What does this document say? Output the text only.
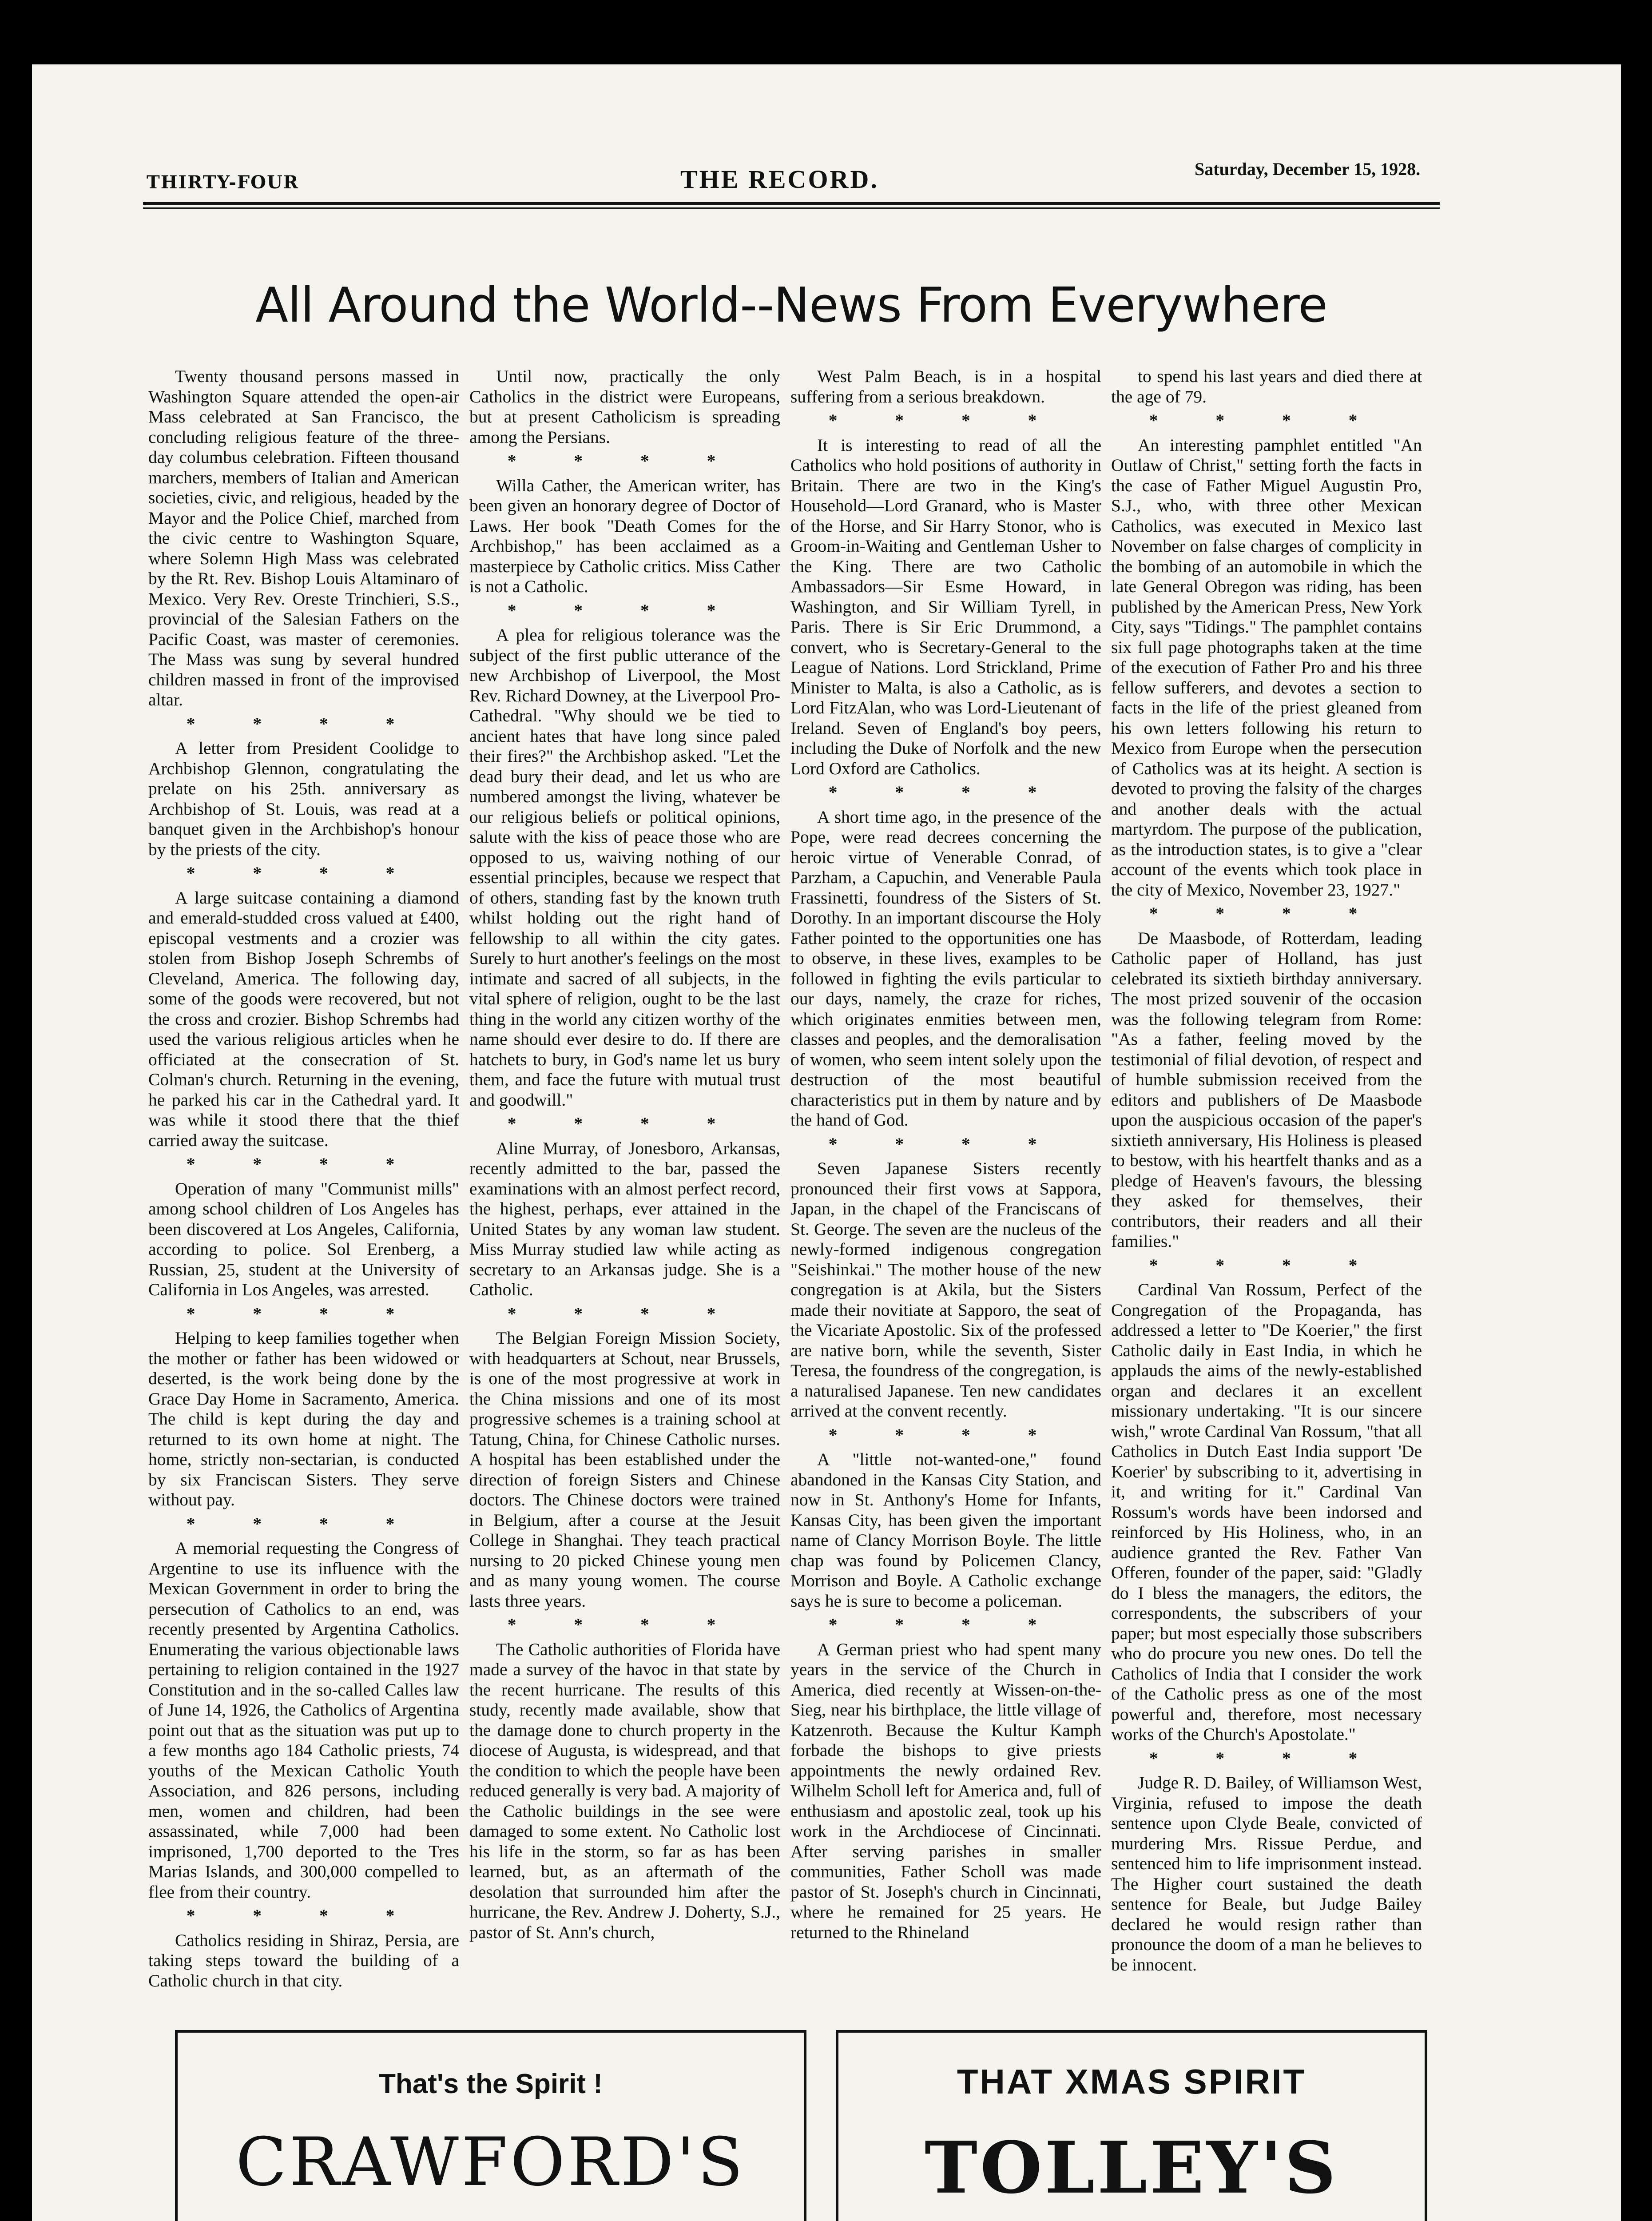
THIRTY-FOUR	THE RECORD.	Saturday, December 15, 1928.
All Around the World--News From Everywhere

Twenty thousand persons massed in Washington Square attended the open-air Mass celebrated at San Francisco, the concluding religious feature of the three-day columbus celebration. Fifteen thousand marchers, members of Italian and American societies, civic, and religious, headed by the Mayor and the Police Chief, marched from the civic centre to Washington Square, where Solemn High Mass was celebrated by the Rt. Rev. Bishop Louis Altaminaro of Mexico. Very Rev. Oreste Trinchieri, S.S., provincial of the Salesian Fathers on the Pacific Coast, was master of ceremonies. The Mass was sung by several hundred children massed in front of the improvised altar.

* * * *

A letter from President Coolidge to Archbishop Glennon, congratulating the prelate on his 25th. anniversary as Archbishop of St. Louis, was read at a banquet given in the Archbishop's honour by the priests of the city.

* * * *

A large suitcase containing a diamond and emerald-studded cross valued at £400, episcopal vestments and a crozier was stolen from Bishop Joseph Schrembs of Cleveland, America. The following day, some of the goods were recovered, but not the cross and crozier. Bishop Schrembs had used the various religious articles when he officiated at the consecration of St. Colman's church. Returning in the evening, he parked his car in the Cathedral yard. It was while it stood there that the thief carried away the suitcase.

* * * *

Operation of many "Communist mills" among school children of Los Angeles has been discovered at Los Angeles, California, according to police. Sol Erenberg, a Russian, 25, student at the University of California in Los Angeles, was arrested.

* * * *

Helping to keep families together when the mother or father has been widowed or deserted, is the work being done by the Grace Day Home in Sacramento, America. The child is kept during the day and returned to its own home at night. The home, strictly non-sectarian, is conducted by six Franciscan Sisters. They serve without pay.

* * * *

A memorial requesting the Congress of Argentine to use its influence with the Mexican Government in order to bring the persecution of Catholics to an end, was recently presented by Argentina Catholics. Enumerating the various objectionable laws pertaining to religion contained in the 1927 Constitution and in the so-called Calles law of June 14, 1926, the Catholics of Argentina point out that as the situation was put up to a few months ago 184 Catholic priests, 74 youths of the Mexican Catholic Youth Association, and 826 persons, including men, women and children, had been assassinated, while 7,000 had been imprisoned, 1,700 deported to the Tres Marias Islands, and 300,000 compelled to flee from their country.

* * * *

Catholics residing in Shiraz, Persia, are taking steps toward the building of a Catholic church in that city.

Until now, practically the only Catholics in the district were Europeans, but at present Catholicism is spreading among the Persians.

* * * *

Willa Cather, the American writer, has been given an honorary degree of Doctor of Laws. Her book "Death Comes for the Archbishop," has been acclaimed as a masterpiece by Catholic critics. Miss Cather is not a Catholic.

* * * *

A plea for religious tolerance was the subject of the first public utterance of the new Archbishop of Liverpool, the Most Rev. Richard Downey, at the Liverpool Pro-Cathedral. "Why should we be tied to ancient hates that have long since paled their fires?" the Archbishop asked. "Let the dead bury their dead, and let us who are numbered amongst the living, whatever be our religious beliefs or political opinions, salute with the kiss of peace those who are opposed to us, waiving nothing of our essential principles, because we respect that of others, standing fast by the known truth whilst holding out the right hand of fellowship to all within the city gates. Surely to hurt another's feelings on the most intimate and sacred of all subjects, in the vital sphere of religion, ought to be the last thing in the world any citizen worthy of the name should ever desire to do. If there are hatchets to bury, in God's name let us bury them, and face the future with mutual trust and goodwill."

* * * *

Aline Murray, of Jonesboro, Arkansas, recently admitted to the bar, passed the examinations with an almost perfect record, the highest, perhaps, ever attained in the United States by any woman law student. Miss Murray studied law while acting as secretary to an Arkansas judge. She is a Catholic.

* * * *

The Belgian Foreign Mission Society, with headquarters at Schout, near Brussels, is one of the most progressive at work in the China missions and one of its most progressive schemes is a training school at Tatung, China, for Chinese Catholic nurses. A hospital has been established under the direction of foreign Sisters and Chinese doctors. The Chinese doctors were trained in Belgium, after a course at the Jesuit College in Shanghai. They teach practical nursing to 20 picked Chinese young men and as many young women. The course lasts three years.

* * * *

The Catholic authorities of Florida have made a survey of the havoc in that state by the recent hurricane. The results of this study, recently made available, show that the damage done to church property in the diocese of Augusta, is widespread, and that the condition to which the people have been reduced generally is very bad. A majority of the Catholic buildings in the see were damaged to some extent. No Catholic lost his life in the storm, so far as has been learned, but, as an aftermath of the desolation that surrounded him after the hurricane, the Rev. Andrew J. Doherty, S.J., pastor of St. Ann's church,

West Palm Beach, is in a hospital suffering from a serious breakdown.

* * * *

It is interesting to read of all the Catholics who hold positions of authority in Britain. There are two in the King's Household—Lord Granard, who is Master of the Horse, and Sir Harry Stonor, who is Groom-in-Waiting and Gentleman Usher to the King. There are two Catholic Ambassadors—Sir Esme Howard, in Washington, and Sir William Tyrell, in Paris. There is Sir Eric Drummond, a convert, who is Secretary-General to the League of Nations. Lord Strickland, Prime Minister to Malta, is also a Catholic, as is Lord FitzAlan, who was Lord-Lieutenant of Ireland. Seven of England's boy peers, including the Duke of Norfolk and the new Lord Oxford are Catholics.

* * * *

A short time ago, in the presence of the Pope, were read decrees concerning the heroic virtue of Venerable Conrad, of Parzham, a Capuchin, and Venerable Paula Frassinetti, foundress of the Sisters of St. Dorothy. In an important discourse the Holy Father pointed to the opportunities one has to observe, in these lives, examples to be followed in fighting the evils particular to our days, namely, the craze for riches, which originates enmities between men, classes and peoples, and the demoralisation of women, who seem intent solely upon the destruction of the most beautiful characteristics put in them by nature and by the hand of God.

* * * *

Seven Japanese Sisters recently pronounced their first vows at Sappora, Japan, in the chapel of the Franciscans of St. George. The seven are the nucleus of the newly-formed indigenous congregation "Seishinkai." The mother house of the new congregation is at Akila, but the Sisters made their novitiate at Sapporo, the seat of the Vicariate Apostolic. Six of the professed are native born, while the seventh, Sister Teresa, the foundress of the congregation, is a naturalised Japanese. Ten new candidates arrived at the convent recently.

* * * *

A "little not-wanted-one," found abandoned in the Kansas City Station, and now in St. Anthony's Home for Infants, Kansas City, has been given the important name of Clancy Morrison Boyle. The little chap was found by Policemen Clancy, Morrison and Boyle. A Catholic exchange says he is sure to become a policeman.

* * * *

A German priest who had spent many years in the service of the Church in America, died recently at Wissen-on-the-Sieg, near his birthplace, the little village of Katzenroth. Because the Kultur Kamph forbade the bishops to give priests appointments the newly ordained Rev. Wilhelm Scholl left for America and, full of enthusiasm and apostolic zeal, took up his work in the Archdiocese of Cincinnati. After serving parishes in smaller communities, Father Scholl was made pastor of St. Joseph's church in Cincinnati, where he remained for 25 years. He returned to the Rhineland

to spend his last years and died there at the age of 79.

* * * *

An interesting pamphlet entitled "An Outlaw of Christ," setting forth the facts in the case of Father Miguel Augustin Pro, S.J., who, with three other Mexican Catholics, was executed in Mexico last November on false charges of complicity in the bombing of an automobile in which the late General Obregon was riding, has been published by the American Press, New York City, says "Tidings." The pamphlet contains six full page photographs taken at the time of the execution of Father Pro and his three fellow sufferers, and devotes a section to facts in the life of the priest gleaned from his own letters following his return to Mexico from Europe when the persecution of Catholics was at its height. A section is devoted to proving the falsity of the charges and another deals with the actual martyrdom. The purpose of the publication, as the introduction states, is to give a "clear account of the events which took place in the city of Mexico, November 23, 1927."

* * * *

De Maasbode, of Rotterdam, leading Catholic paper of Holland, has just celebrated its sixtieth birthday anniversary. The most prized souvenir of the occasion was the following telegram from Rome: "As a father, feeling moved by the testimonial of filial devotion, of respect and of humble submission received from the editors and publishers of De Maasbode upon the auspicious occasion of the paper's sixtieth anniversary, His Holiness is pleased to bestow, with his heartfelt thanks and as a pledge of Heaven's favours, the blessing they asked for themselves, their contributors, their readers and all their families."

* * * *

Cardinal Van Rossum, Perfect of the Congregation of the Propaganda, has addressed a letter to "De Koerier," the first Catholic daily in East India, in which he applauds the aims of the newly-established organ and declares it an excellent missionary undertaking. "It is our sincere wish," wrote Cardinal Van Rossum, "that all Catholics in Dutch East India support 'De Koerier' by subscribing to it, advertising in it, and writing for it." Cardinal Van Rossum's words have been indorsed and reinforced by His Holiness, who, in an audience granted the Rev. Father Van Offeren, founder of the paper, said: "Gladly do I bless the managers, the editors, the correspondents, the subscribers of your paper; but most especially those subscribers who do procure you new ones. Do tell the Catholics of India that I consider the work of the Catholic press as one of the most powerful and, therefore, most necessary works of the Church's Apostolate."

* * * *

Judge R. D. Bailey, of Williamson West, Virginia, refused to impose the death sentence upon Clyde Beale, convicted of murdering Mrs. Rissue Perdue, and sentenced him to life imprisonment instead. The Higher court sustained the death sentence for Beale, but Judge Bailey declared he would resign rather than pronounce the doom of a man he believes to be innocent.

That's the Spirit !
CRAWFORD'S
THAT XMAS SPIRIT
TOLLEY'S
